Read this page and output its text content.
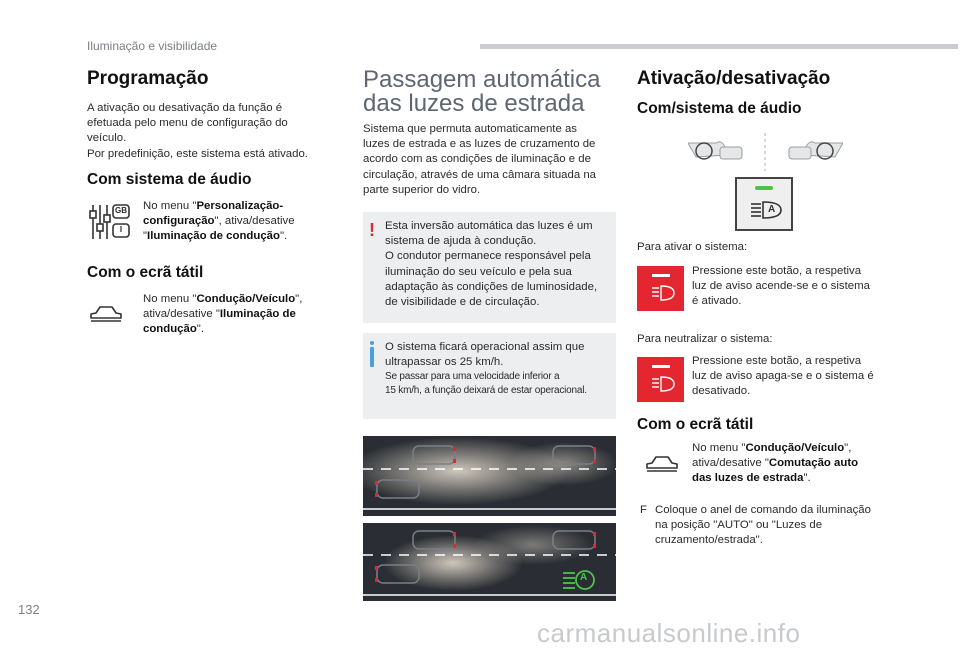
Iluminação e visibilidade
Programação
A ativação ou desativação da função é
efetuada pelo menu de configuração do
veículo.
Por predefinição, este sistema está ativado.
Com sistema de áudio
GB
I
No menu "Personalização-
configuração", ativa/desative
"Iluminação de condução".
Com o ecrã tátil
No menu "Condução/Veículo",
ativa/desative "Iluminação de
condução".
Passagem automática
das luzes de estrada
Sistema que permuta automaticamente as
luzes de estrada e as luzes de cruzamento de
acordo com as condições de iluminação e de
circulação, através de uma câmara situada na
parte superior do vidro.
! Esta inversão automática das luzes é um
sistema de ajuda à condução.
O condutor permanece responsável pela
iluminação do seu veículo e pela sua
adaptação às condições de luminosidade,
de visibilidade e de circulação.
O sistema ficará operacional assim que
ultrapassar os 25 km/h.
Se passar para uma velocidade inferior a
15 km/h, a função deixará de estar operacional.
A
Ativação/desativação
Com/sistema de áudio
A
Para ativar o sistema:
Pressione este botão, a respetiva
luz de aviso acende-se e o sistema
é ativado.
Para neutralizar o sistema:
Pressione este botão, a respetiva
luz de aviso apaga-se e o sistema é
desativado.
Com o ecrã tátil
No menu "Condução/Veículo",
ativa/desative "Comutação auto
das luzes de estrada".
F Coloque o anel de comando da iluminação
na posição "AUTO" ou "Luzes de
cruzamento/estrada".
132
carmanualsonline.info
